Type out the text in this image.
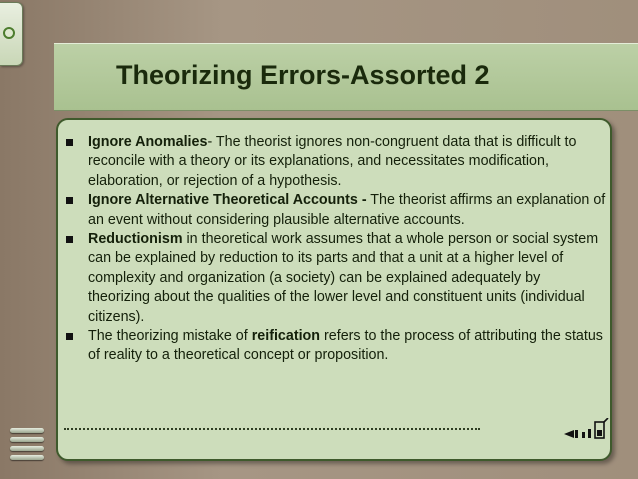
Theorizing Errors-Assorted 2
Ignore Anomalies- The theorist ignores non-congruent data that is difficult to reconcile with a theory or its explanations, and necessitates modification, elaboration, or rejection of a hypothesis.
Ignore Alternative Theoretical Accounts - The theorist affirms an explanation of an event without considering plausible alternative accounts.
Reductionism in theoretical work assumes that a whole person or social system can be explained by reduction to its parts and that a unit at a higher level of complexity and organization (a society) can be explained adequately by theorizing about the qualities of the lower level and constituent units (individual citizens).
The theorizing mistake of reification refers to the process of attributing the status of reality to a theoretical concept or proposition.
